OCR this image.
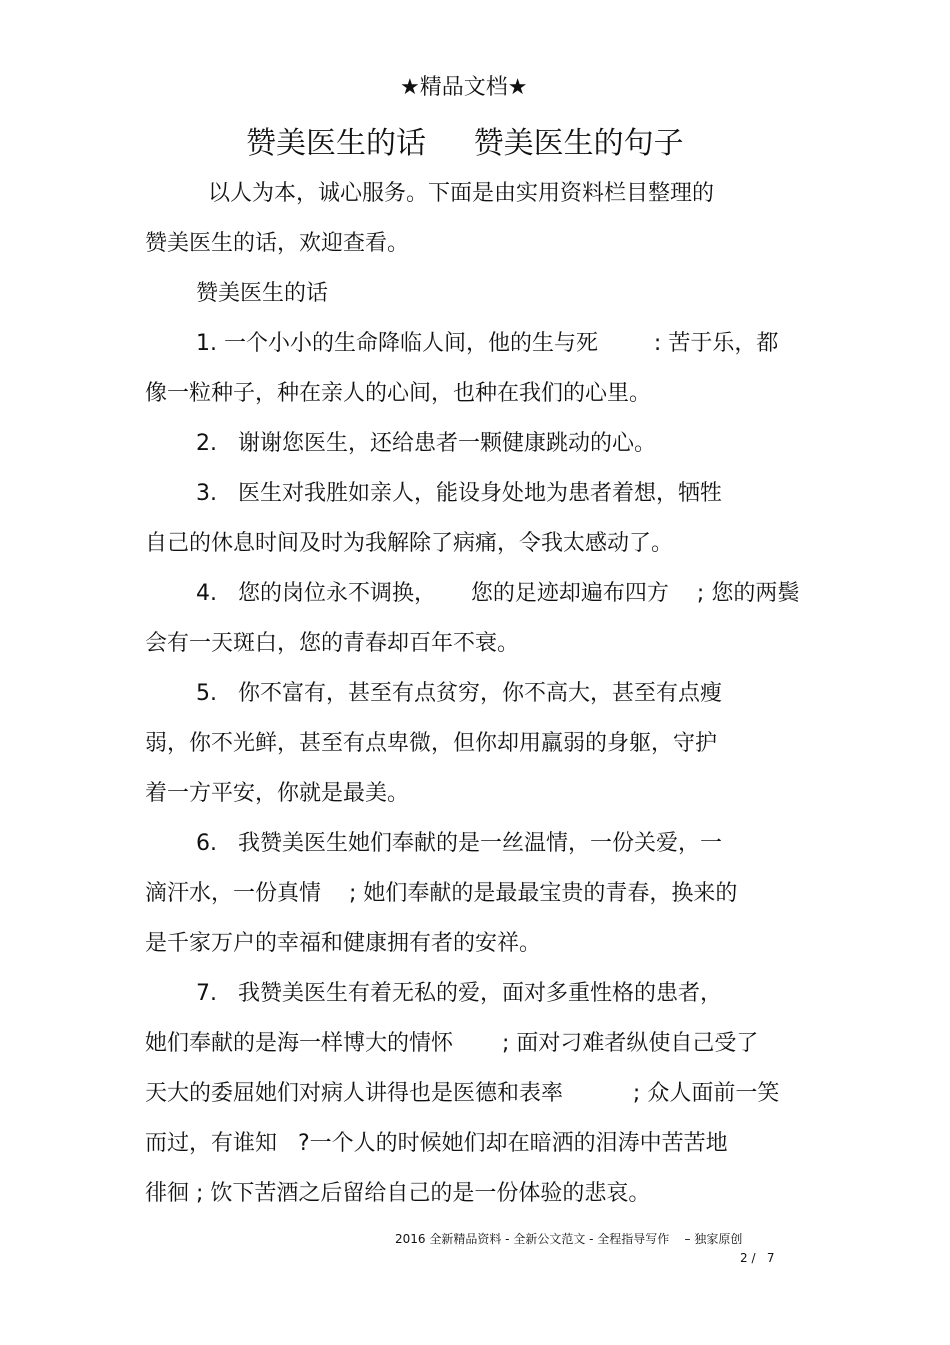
★精品文档★
赞美医生的话     赞美医生的句子
以人为本，诚心服务。下面是由实用资料栏目整理的
赞美医生的话，欢迎查看。
赞美医生的话
1. 一个小小的生命降临人间，他的生与死        : 苦于乐，都
像一粒种子，种在亲人的心间，也种在我们的心里。
2.   谢谢您医生，还给患者一颗健康跳动的心。
3.   医生对我胜如亲人，能设身处地为患者着想，牺牲
自己的休息时间及时为我解除了病痛，令我太感动了。
4.   您的岗位永不调换，     您的足迹却遍布四方    ; 您的两鬓
会有一天斑白，您的青春却百年不衰。
5.   你不富有，甚至有点贫穷，你不高大，甚至有点瘦
弱，你不光鲜，甚至有点卑微，但你却用羸弱的身躯，守护
着一方平安，你就是最美。
6.   我赞美医生她们奉献的是一丝温情，一份关爱，一
滴汗水，一份真情    ; 她们奉献的是最最宝贵的青春，换来的
是千家万户的幸福和健康拥有者的安祥。
7.   我赞美医生有着无私的爱，面对多重性格的患者，
她们奉献的是海一样博大的情怀       ; 面对刁难者纵使自己受了
天大的委屈她们对病人讲得也是医德和表率          ; 众人面前一笑
而过，有谁知   ?一个人的时候她们却在暗洒的泪涛中苦苦地
徘徊 ; 饮下苦酒之后留给自己的是一份体验的悲哀。
2016 全新精品资料 - 全新公文范文 - 全程指导写作    – 独家原创
2 /   7
